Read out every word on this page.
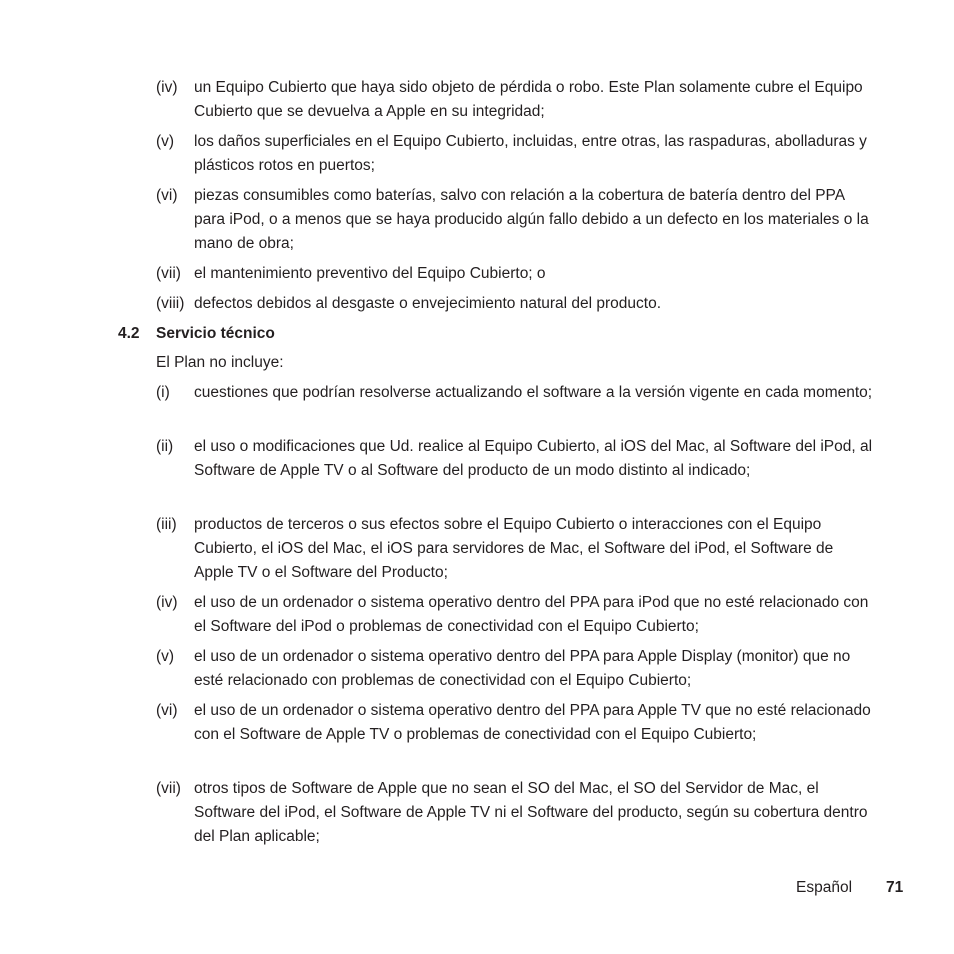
(iv) un Equipo Cubierto que haya sido objeto de pérdida o robo. Este Plan solamente cubre el Equipo Cubierto que se devuelva a Apple en su integridad;
(v) los daños superficiales en el Equipo Cubierto, incluidas, entre otras, las raspaduras, abolladuras y plásticos rotos en puertos;
(vi) piezas consumibles como baterías, salvo con relación a la cobertura de batería dentro del PPA para iPod, o a menos que se haya producido algún fallo debido a un defecto en los materiales o la mano de obra;
(vii) el mantenimiento preventivo del Equipo Cubierto; o
(viii) defectos debidos al desgaste o envejecimiento natural del producto.
4.2 Servicio técnico
El Plan no incluye:
(i) cuestiones que podrían resolverse actualizando el software a la versión vigente en cada momento;
(ii) el uso o modificaciones que Ud. realice al Equipo Cubierto, al iOS del Mac, al Software del iPod, al Software de Apple TV o al Software del producto de un modo distinto al indicado;
(iii) productos de terceros o sus efectos sobre el Equipo Cubierto o interacciones con el Equipo Cubierto, el iOS del Mac, el iOS para servidores de Mac, el Software del iPod, el Software de Apple TV o el Software del Producto;
(iv) el uso de un ordenador o sistema operativo dentro del PPA para iPod que no esté relacionado con el Software del iPod o problemas de conectividad con el Equipo Cubierto;
(v) el uso de un ordenador o sistema operativo dentro del PPA para Apple Display (monitor) que no esté relacionado con problemas de conectividad con el Equipo Cubierto;
(vi) el uso de un ordenador o sistema operativo dentro del PPA para Apple TV que no esté relacionado con el Software de Apple TV o problemas de conectividad con el Equipo Cubierto;
(vii) otros tipos de Software de Apple que no sean el SO del Mac, el SO del Servidor de Mac, el Software del iPod, el Software de Apple TV ni el Software del producto, según su cobertura dentro del Plan aplicable;
Español 71
